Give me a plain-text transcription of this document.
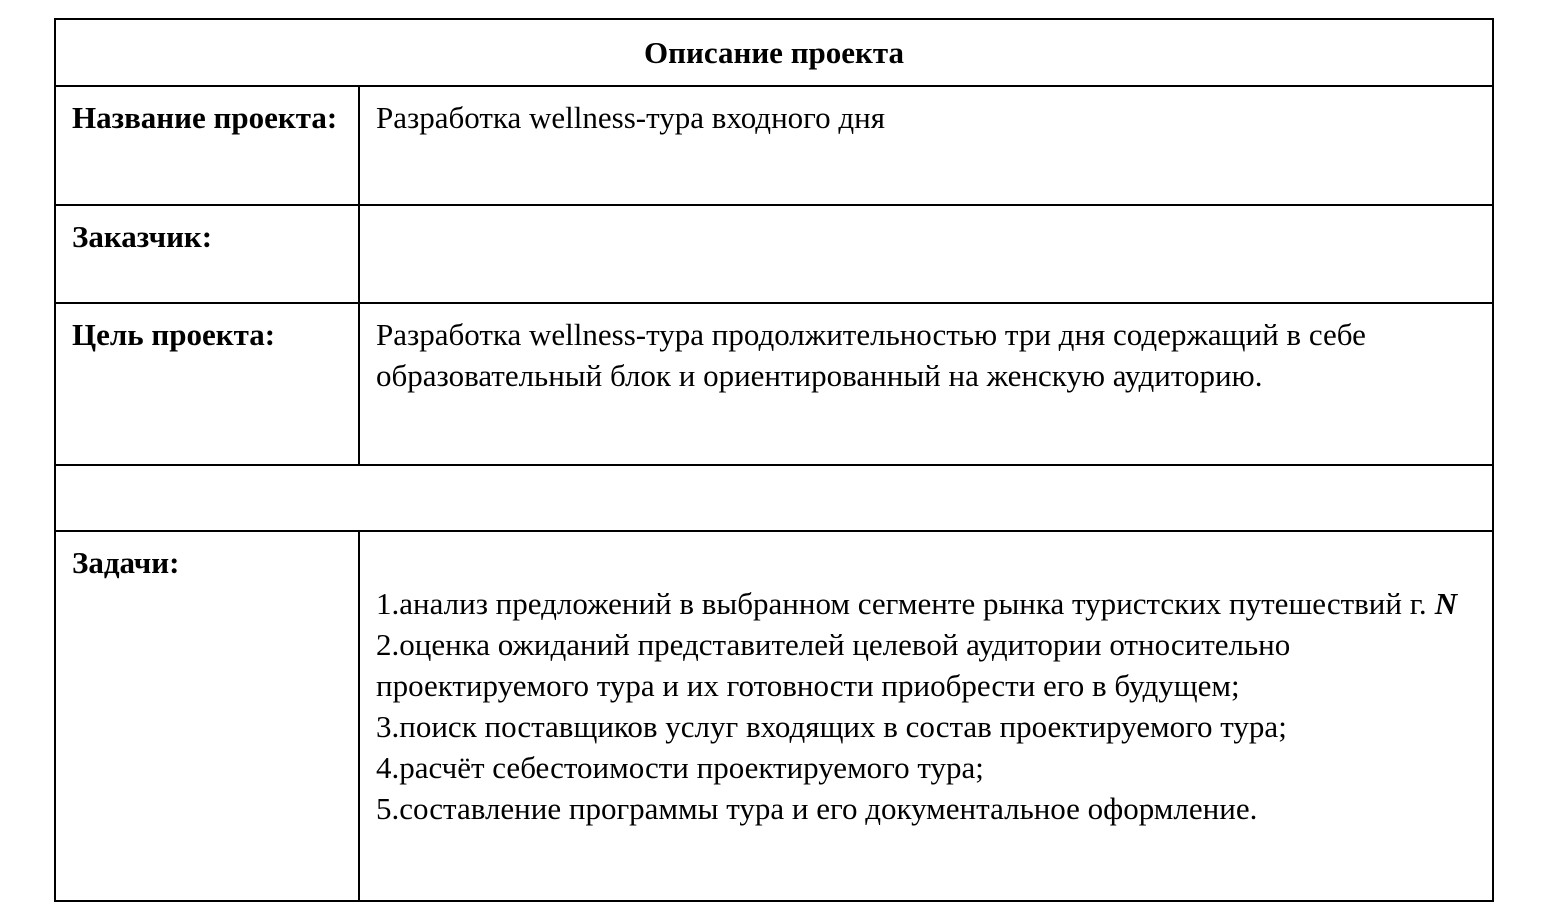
Описание проекта	
Название проекта:	Разработка wellness-тура входного дня
Заказчик:	
Цель проекта:	Разработка wellness-тура продолжительностью три дня содержащий в себе образовательный блок и ориентированный на женскую аудиторию.

Задачи:	1.анализ предложений в выбранном сегменте рынка туристских путешествий г. N
2.оценка ожиданий представителей целевой аудитории относительно проектируемого тура и их готовности приобрести его в будущем;
3.поиск поставщиков услуг входящих в состав проектируемого тура;
4.расчёт себестоимости проектируемого тура;
5.составление программы тура и его документальное оформление.
